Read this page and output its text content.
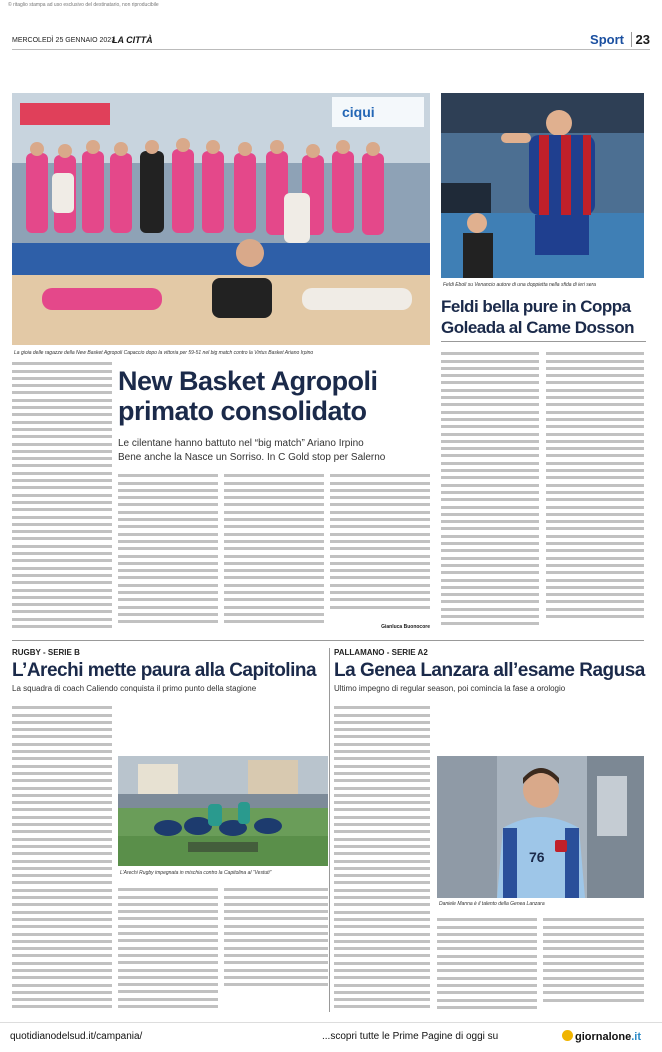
© ritaglio stampa ad uso esclusivo del destinatario, non riproducibile
MERCOLEDÌ 25 GENNAIO 2023
LA CITTÀ	Sport 23
ciqui
La gioia delle ragazze della New Basket Agropoli Capaccio dopo la vittoria per 59-51 nel big match contro la Virtus Basket Ariano Irpino
Feldi Eboli su Venancio autore di una doppietta nella sfida di ieri sera
Feldi bella pure in Coppa
Goleada al Came Dosson
New Basket Agropoli primato consolidato
Le cilentane hanno battuto nel “big match” Ariano Irpino
Bene anche la Nasce un Sorriso. In C Gold stop per Salerno
Gianluca Buonocore
RUGBY - SERIE B
L’Arechi mette paura alla Capitolina
La squadra di coach Caliendo conquista il primo punto della stagione
L’Arechi Rugby impegnata in mischia contro la Capitolina al “Vestuti”
PALLAMANO - SERIE A2
La Genea Lanzara all’esame Ragusa
Ultimo impegno di regular season, poi comincia la fase a orologio
76
Daniele Manna è il talento della Genea Lanzara
quotidianodelsud.it/campania/	...scopri tutte le Prime Pagine di oggi su	giornalone.it
